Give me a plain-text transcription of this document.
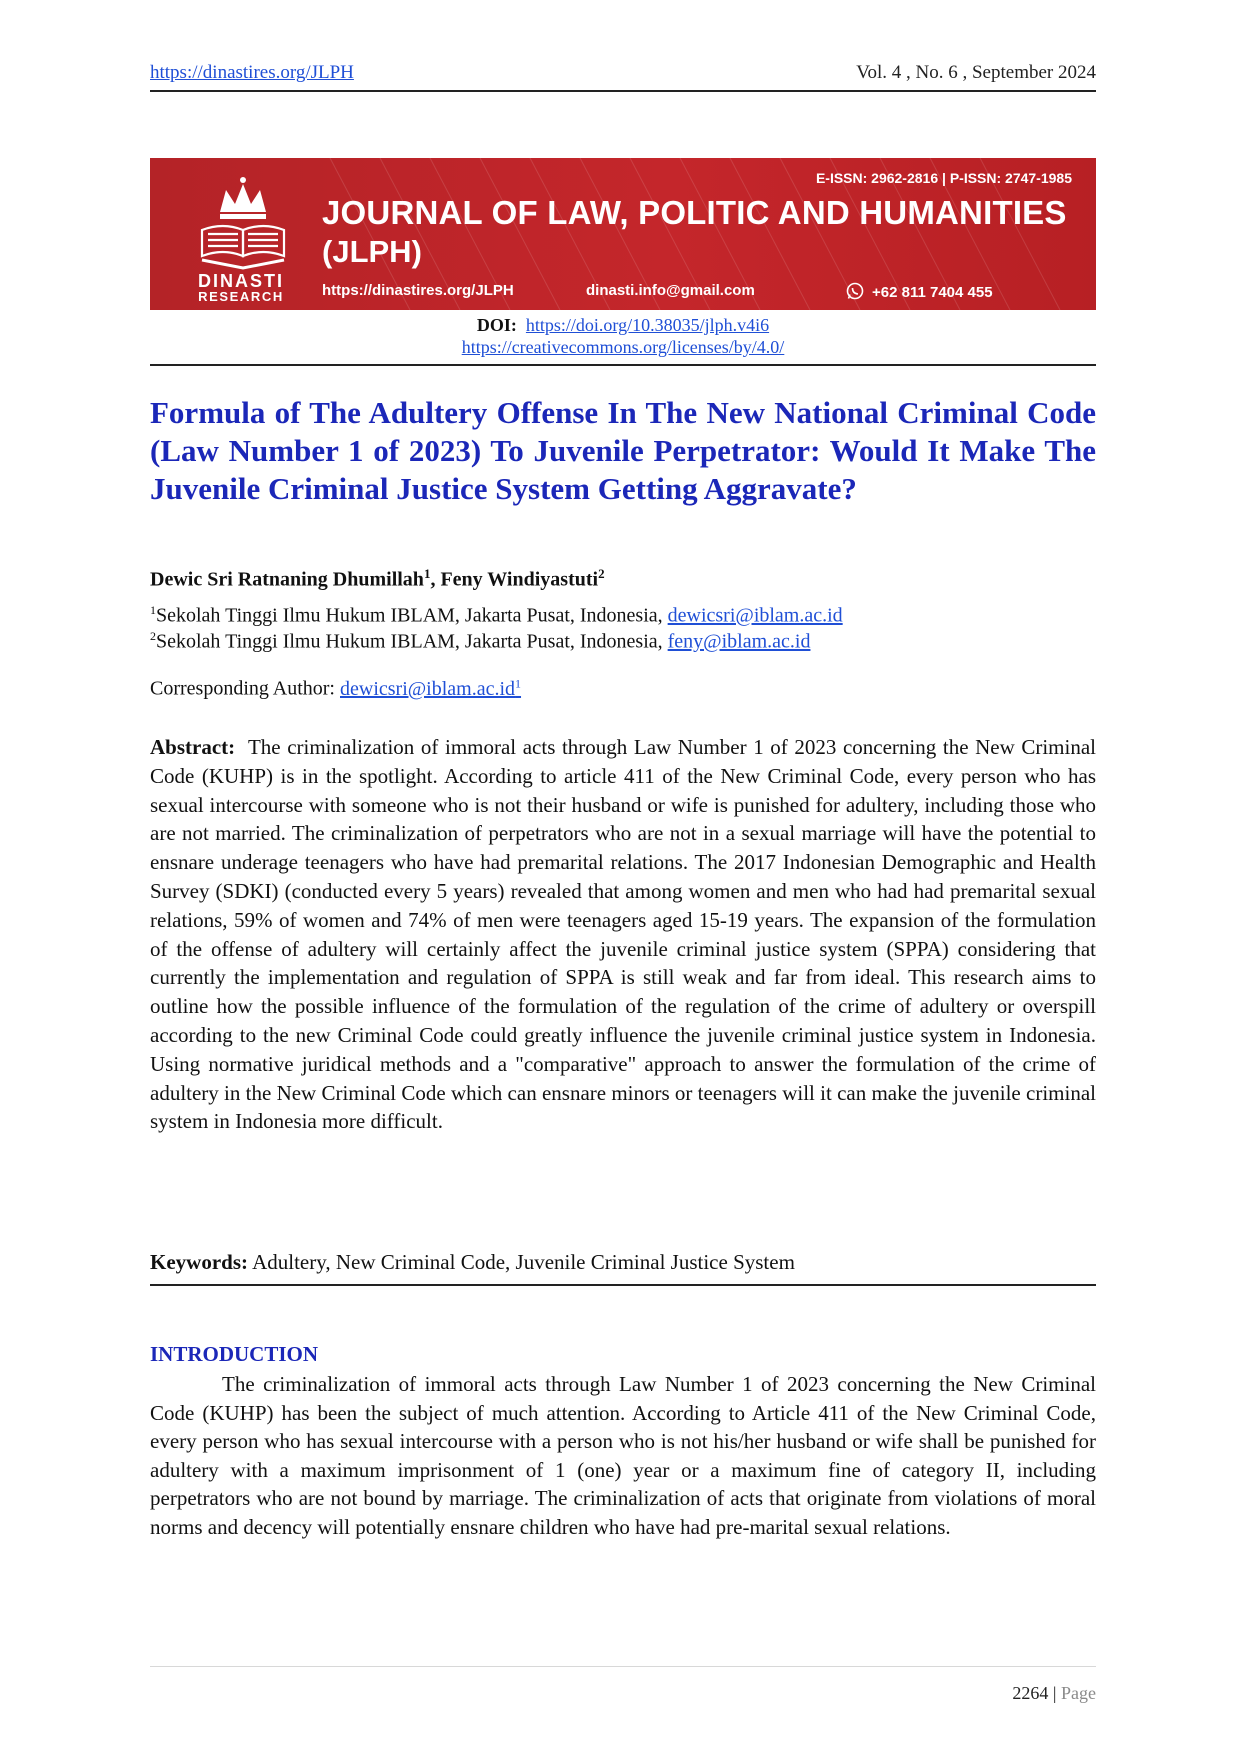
https://dinastires.org/JLPH	Vol. 4 , No. 6 , September 2024
DINASTI
RESEARCH
E-ISSN: 2962-2816 | P-ISSN: 2747-1985
JOURNAL OF LAW, POLITIC AND HUMANITIES
(JLPH)
https://dinastires.org/JLPH	dinasti.info@gmail.com	+62 811 7404 455
DOI: https://doi.org/10.38035/jlph.v4i6
https://creativecommons.org/licenses/by/4.0/
Formula of The Adultery Offense In The New National Criminal Code (Law Number 1 of 2023) To Juvenile Perpetrator: Would It Make The Juvenile Criminal Justice System Getting Aggravate?
Dewic Sri Ratnaning Dhumillah$^1$, Feny Windiyastuti$^2$
$^1$Sekolah Tinggi Ilmu Hukum IBLAM, Jakarta Pusat, Indonesia, dewicsri@iblam.ac.id
$^2$Sekolah Tinggi Ilmu Hukum IBLAM, Jakarta Pusat, Indonesia, feny@iblam.ac.id
Corresponding Author: dewicsri@iblam.ac.id$^1$
Abstract: The criminalization of immoral acts through Law Number 1 of 2023 concerning the New Criminal Code (KUHP) is in the spotlight. According to article 411 of the New Criminal Code, every person who has sexual intercourse with someone who is not their husband or wife is punished for adultery, including those who are not married. The criminalization of perpetrators who are not in a sexual marriage will have the potential to ensnare underage teenagers who have had premarital relations. The 2017 Indonesian Demographic and Health Survey (SDKI) (conducted every 5 years) revealed that among women and men who had had premarital sexual relations, 59% of women and 74% of men were teenagers aged 15-19 years. The expansion of the formulation of the offense of adultery will certainly affect the juvenile criminal justice system (SPPA) considering that currently the implementation and regulation of SPPA is still weak and far from ideal. This research aims to outline how the possible influence of the formulation of the regulation of the crime of adultery or overspill according to the new Criminal Code could greatly influence the juvenile criminal justice system in Indonesia. Using normative juridical methods and a "comparative" approach to answer the formulation of the crime of adultery in the New Criminal Code which can ensnare minors or teenagers will it can make the juvenile criminal system in Indonesia more difficult.
Keywords: Adultery, New Criminal Code, Juvenile Criminal Justice System
INTRODUCTION

The criminalization of immoral acts through Law Number 1 of 2023 concerning the New Criminal Code (KUHP) has been the subject of much attention. According to Article 411 of the New Criminal Code, every person who has sexual intercourse with a person who is not his/her husband or wife shall be punished for adultery with a maximum imprisonment of 1 (one) year or a maximum fine of category II, including perpetrators who are not bound by marriage. The criminalization of acts that originate from violations of moral norms and decency will potentially ensnare children who have had pre-marital sexual relations.

2264 | Page
